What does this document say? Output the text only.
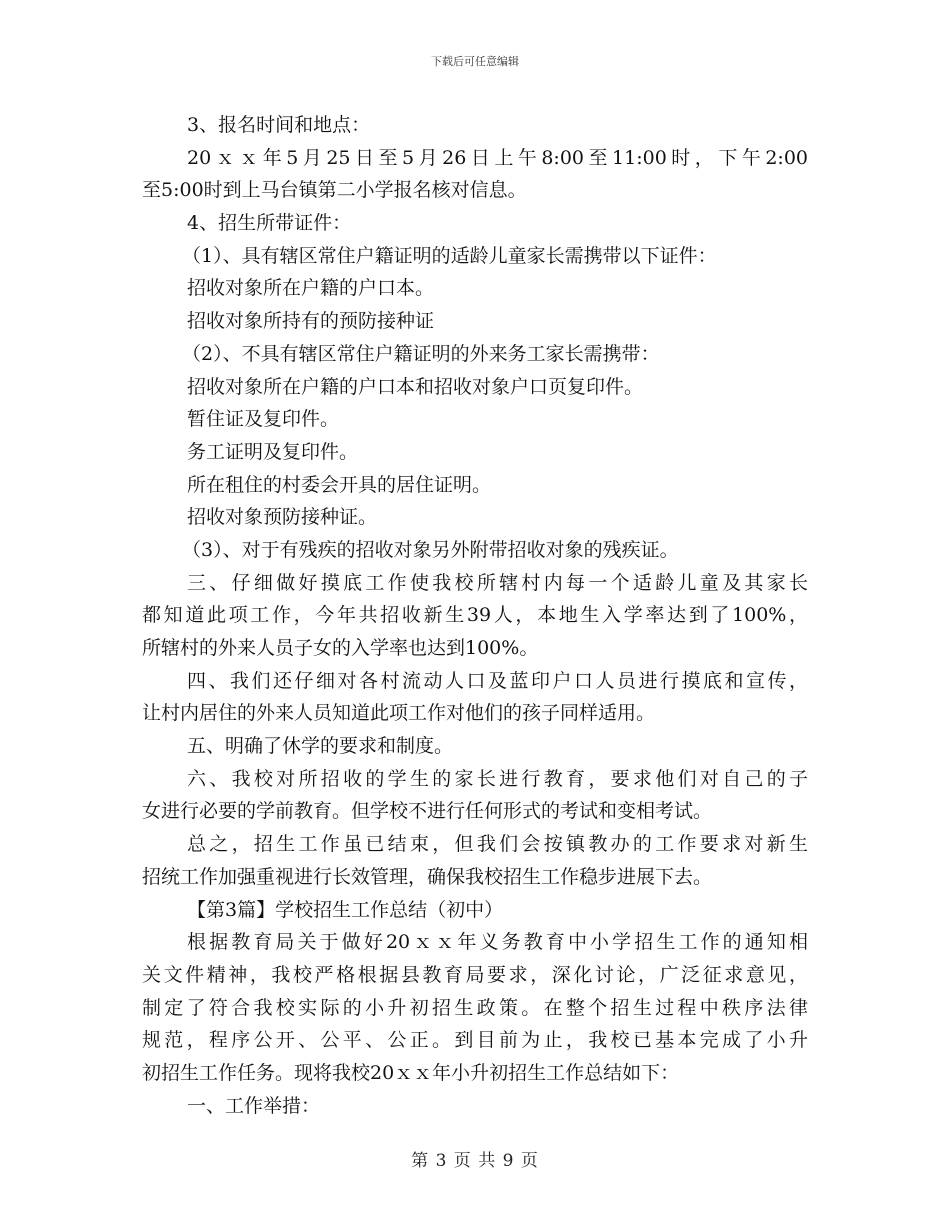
下载后可任意编辑
3、报名时间和地点：
20ｘｘ年5月25日至5月26日上午8:00至11:00时，下午2:00
至5:00时到上马台镇第二小学报名核对信息。
4、招生所带证件：
（1）、具有辖区常住户籍证明的适龄儿童家长需携带以下证件：
招收对象所在户籍的户口本。
招收对象所持有的预防接种证
（2）、不具有辖区常住户籍证明的外来务工家长需携带：
招收对象所在户籍的户口本和招收对象户口页复印件。
暂住证及复印件。
务工证明及复印件。
所在租住的村委会开具的居住证明。
招收对象预防接种证。
（3）、对于有残疾的招收对象另外附带招收对象的残疾证。
三、仔细做好摸底工作使我校所辖村内每一个适龄儿童及其家长
都知道此项工作，今年共招收新生39人，本地生入学率达到了100%，
所辖村的外来人员子女的入学率也达到100%。
四、我们还仔细对各村流动人口及蓝印户口人员进行摸底和宣传，
让村内居住的外来人员知道此项工作对他们的孩子同样适用。
五、明确了休学的要求和制度。
六、我校对所招收的学生的家长进行教育，要求他们对自己的子
女进行必要的学前教育。但学校不进行任何形式的考试和变相考试。
总之，招生工作虽已结束，但我们会按镇教办的工作要求对新生
招统工作加强重视进行长效管理，确保我校招生工作稳步进展下去。
【第3篇】学校招生工作总结（初中）
根据教育局关于做好20ｘｘ年义务教育中小学招生工作的通知相
关文件精神，我校严格根据县教育局要求，深化讨论，广泛征求意见，
制定了符合我校实际的小升初招生政策。在整个招生过程中秩序法律
规范，程序公开、公平、公正。到目前为止，我校已基本完成了小升
初招生工作任务。现将我校20ｘｘ年小升初招生工作总结如下：
一、工作举措：
第 3 页 共 9 页
